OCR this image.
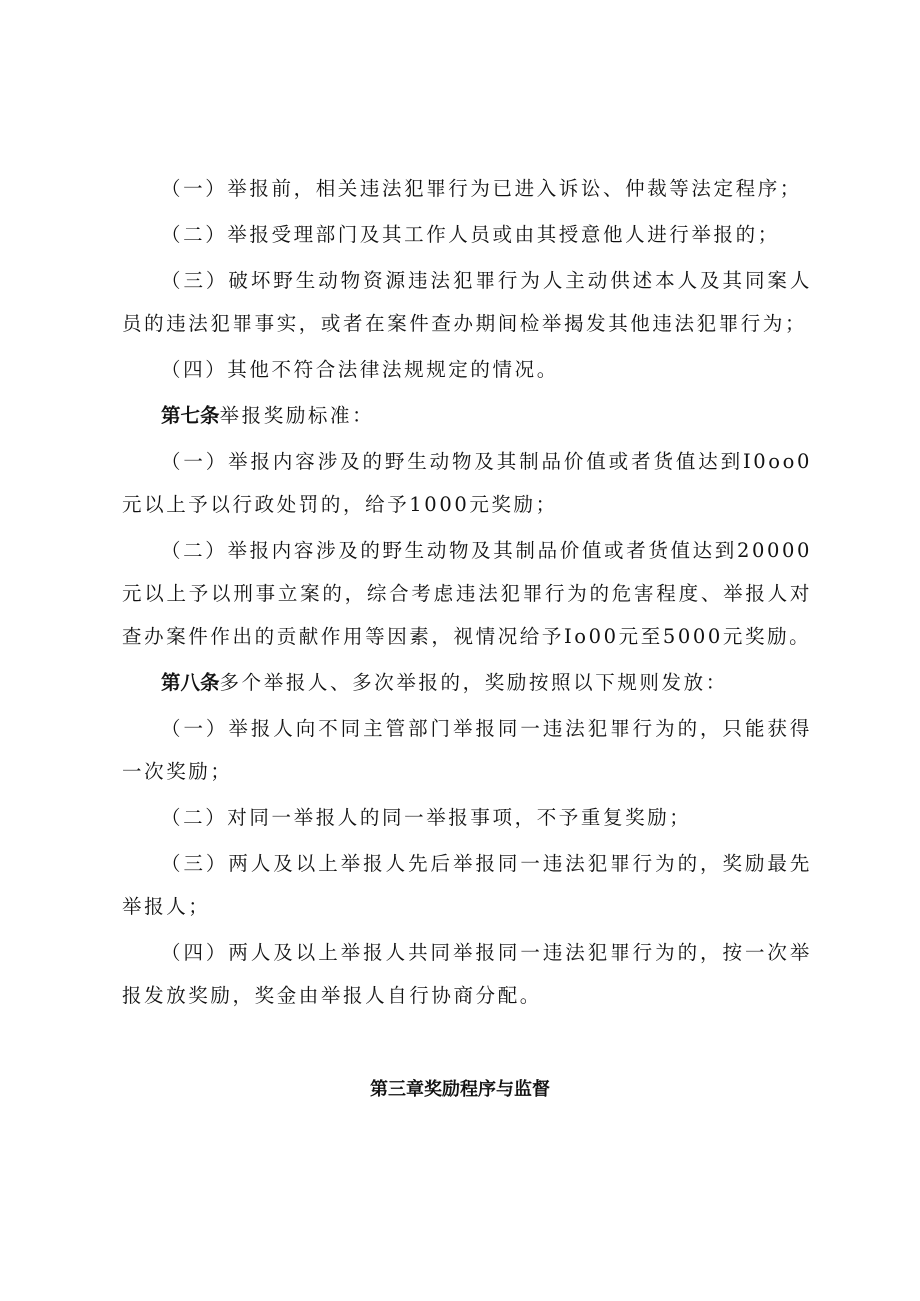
（一）举报前，相关违法犯罪行为已进入诉讼、仲裁等法定程序；

（二）举报受理部门及其工作人员或由其授意他人进行举报的；

（三）破坏野生动物资源违法犯罪行为人主动供述本人及其同案人员的违法犯罪事实，或者在案件查办期间检举揭发其他违法犯罪行为；

（四）其他不符合法律法规规定的情况。

第七条举报奖励标准：

（一）举报内容涉及的野生动物及其制品价值或者货值达到I0oo0元以上予以行政处罚的，给予1000元奖励；

（二）举报内容涉及的野生动物及其制品价值或者货值达到20000元以上予以刑事立案的，综合考虑违法犯罪行为的危害程度、举报人对查办案件作出的贡献作用等因素，视情况给予Io00元至5000元奖励。

第八条多个举报人、多次举报的，奖励按照以下规则发放：

（一）举报人向不同主管部门举报同一违法犯罪行为的，只能获得一次奖励；

（二）对同一举报人的同一举报事项，不予重复奖励；

（三）两人及以上举报人先后举报同一违法犯罪行为的，奖励最先举报人；

（四）两人及以上举报人共同举报同一违法犯罪行为的，按一次举报发放奖励，奖金由举报人自行协商分配。

第三章奖励程序与监督
